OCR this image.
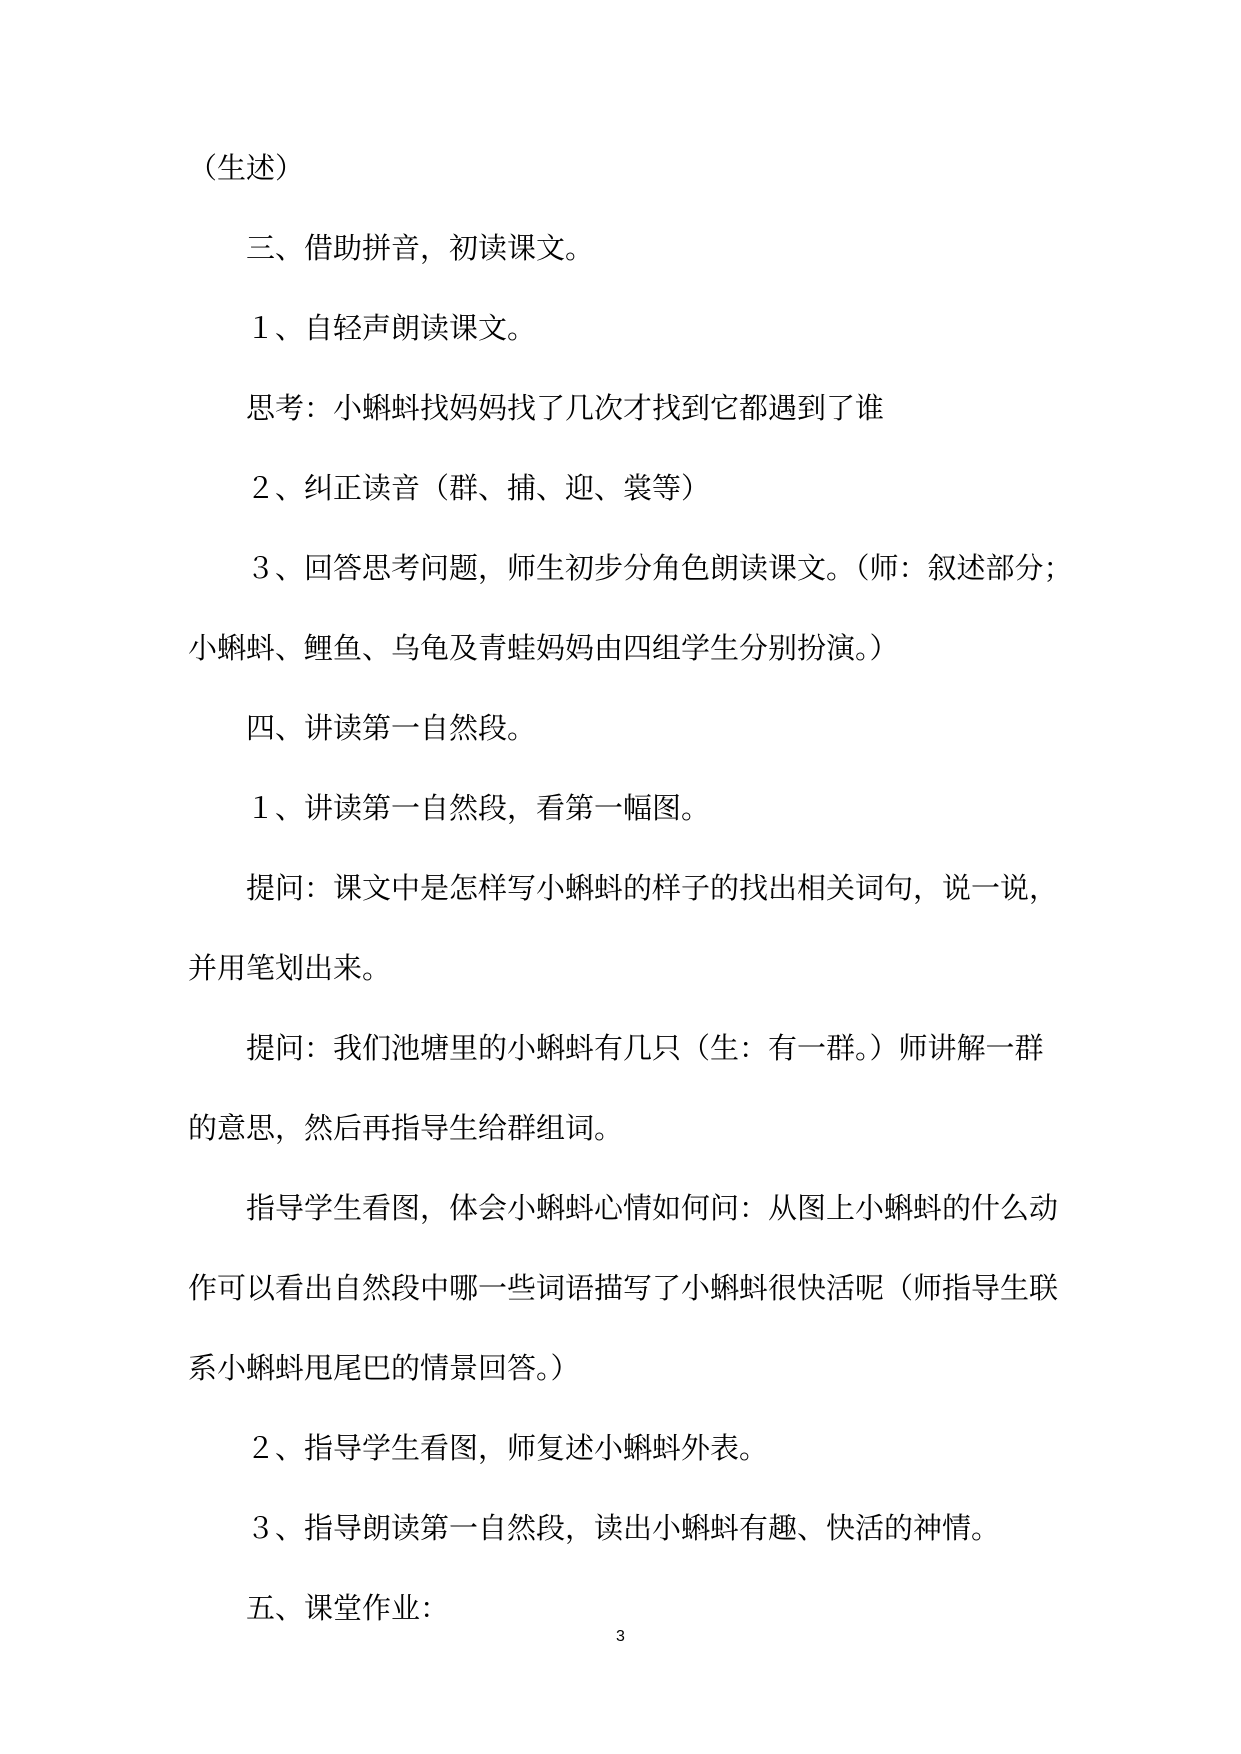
（生述）
三、借助拼音，初读课文。
１、自轻声朗读课文。
思考：小蝌蚪找妈妈找了几次才找到它都遇到了谁
２、纠正读音（群、捕、迎、裳等）
３、回答思考问题，师生初步分角色朗读课文。（师：叙述部分；
小蝌蚪、鲤鱼、乌龟及青蛙妈妈由四组学生分别扮演。）
四、讲读第一自然段。
１、讲读第一自然段，看第一幅图。
提问：课文中是怎样写小蝌蚪的样子的找出相关词句，说一说，
并用笔划出来。
提问：我们池塘里的小蝌蚪有几只（生：有一群。）师讲解一群
的意思，然后再指导生给群组词。
指导学生看图，体会小蝌蚪心情如何问：从图上小蝌蚪的什么动
作可以看出自然段中哪一些词语描写了小蝌蚪很快活呢（师指导生联
系小蝌蚪甩尾巴的情景回答。）
２、指导学生看图，师复述小蝌蚪外表。
３、指导朗读第一自然段，读出小蝌蚪有趣、快活的神情。
五、课堂作业：
3
